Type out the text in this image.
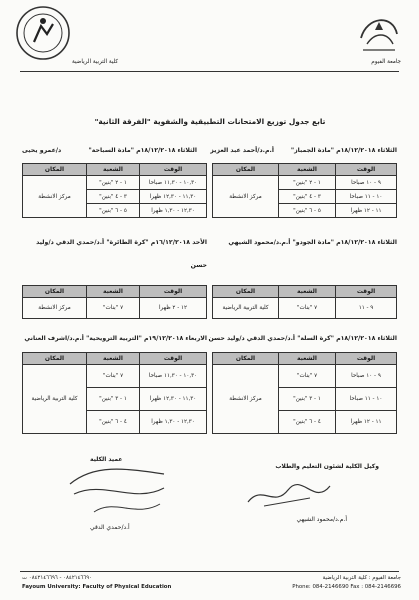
كلية التربية الرياضية	جامعة الفيوم
تابع جدول توزيع الامتحانات التطبيقية والشفوية "الفرقة الثانية"
الثلاثاء ١٨/١٢/٢٠١٨م "مادة الجمباز"
أ.م.د/أحمد عبد العزيز
الثلاثاء ١٨/١٢/٢٠١٨م "مادة السباحة"
د/عمرو يحيى
الوقت	الشعبة	المكان
٩ - ١٠ صباحا	١ - ٢ "بنين"	مركز الانشطة
١٠ - ١١ صباحا	٣ - ٤ "بنين"	
١١ - ١٢ ظهرا	٥ - ٦ "بنين"	
الوقت	الشعبة	المكان
١٠,٣٠ - ١١,٣٠ صباحا	١ - ٢ "بنين"	مركز الانشطة
١١,٣٠ - ١٢,٣٠ ظهرا	٣ - ٤ "بنين"	
١٢,٣٠ - ١,٣٠ ظهرا	٥ - ٦ "بنين"	
الثلاثاء ١٨/١٢/٢٠١٨م "مادة الجودو" أ.م.د/محمود الشيهي
الأحد ١٦/١٢/٢٠١٨م "كرة الطائرة" أ.د/حمدي الدقي د/وليد
حسن
الوقت	الشعبة	المكان
٩ - ١١	٧ "بنات"	كلية التربية الرياضية
الوقت	الشعبة	المكان
١٢ - ٢ ظهرا	٧ "بنات"	مركز الانشطة
الثلاثاء ١٨/١٢/٢٠١٨م "كرة السلة" أ.د/حمدي الدقي د/وليد حسن
الاربعاء ١٩/١٢/٢٠١٨م "التربية الترويحية" أ.م.د/اشرف العناني
الوقت	الشعبة	المكان
٩ - ١٠ صباحا	٧ "بنات"	مركز الانشطة
١٠ - ١١ صباحا	١ - ٣ "بنين"	
١١ - ١٢ ظهرا	٤ - ٦ "بنين"	
الوقت	الشعبة	المكان
١٠,٣٠ - ١١,٣٠ صباحا	٧ "بنات"	كلية التربية الرياضية
١١,٣٠ - ١٢,٣٠ ظهرا	١ - ٣ "بنين"	
١٢,٣٠ - ١,٣٠ ظهرا	٤ - ٦ "بنين"	
وكيل الكلية لشئون التعليم والطلاب
أ.م.د/محمود الشيهي
عميد الكلية
أ.د/حمدي الدقي
جامعة الفيوم : كلية التربية الرياضية
Phone: 084-2146690 Fax : 084-2146696
٠٨٤٢١٤٦٦٩٠ - ٠٨٤٢١٤٦٦٩٦ ت
Fayoum University: Faculty of Physical Education
